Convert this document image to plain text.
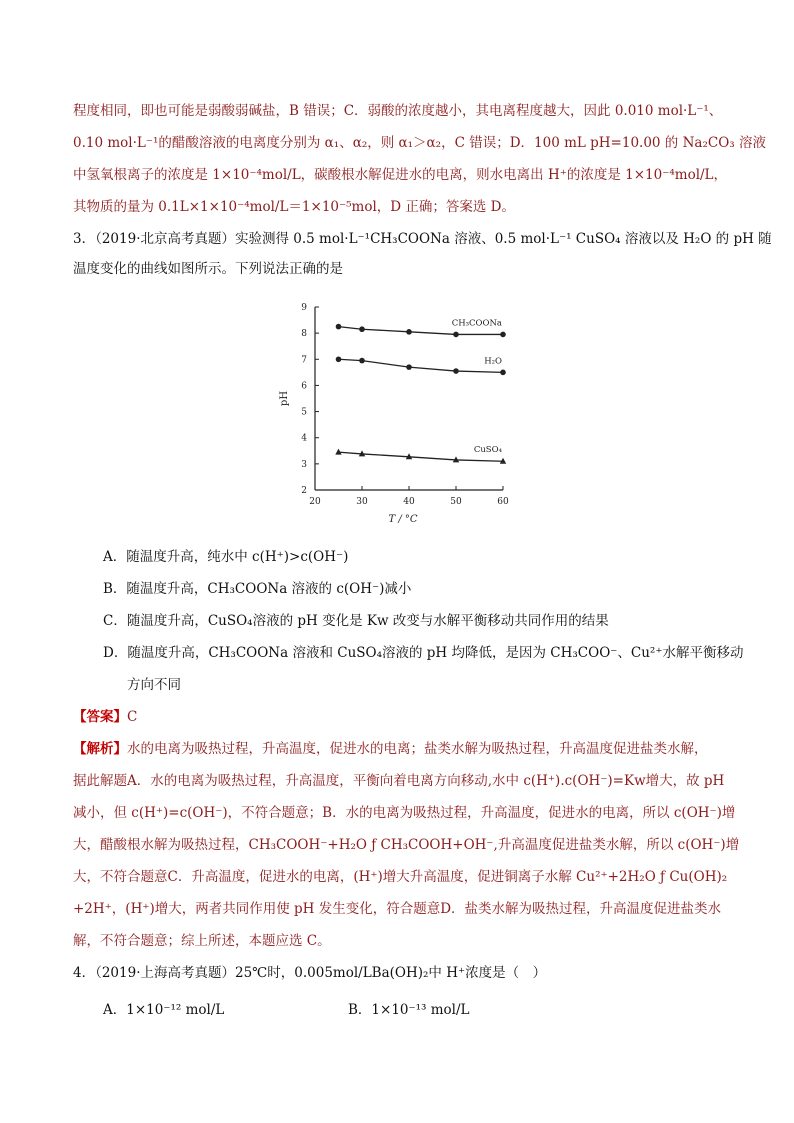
程度相同，即也可能是弱酸弱碱盐，B 错误；C．弱酸的浓度越小，其电离程度越大，因此 0.010 mol·L⁻¹、
0.10 mol·L⁻¹的醋酸溶液的电离度分别为 α₁、α₂，则 α₁＞α₂，C 错误；D．100 mL pH=10.00 的 Na₂CO₃ 溶液
中氢氧根离子的浓度是 1×10⁻⁴mol/L，碳酸根水解促进水的电离，则水电离出 H⁺的浓度是 1×10⁻⁴mol/L，
其物质的量为 0.1L×1×10⁻⁴mol/L＝1×10⁻⁵mol，D 正确；答案选 D。
3．（2019·北京高考真题）实验测得 0.5 mol·L⁻¹CH₃COONa 溶液、0.5 mol·L⁻¹ CuSO₄ 溶液以及 H₂O 的 pH 随
温度变化的曲线如图所示。下列说法正确的是
20	30	40	50	60
2
3
4
5
6
7
8
9
T / °C
pH
CH₃COONa
H₂O
CuSO₄
A．随温度升高，纯水中 c(H⁺)>c(OH⁻)
B．随温度升高，CH₃COONa 溶液的 c(OH⁻)减小
C．随温度升高，CuSO₄溶液的 pH 变化是 Kw 改变与水解平衡移动共同作用的结果
D．随温度升高，CH₃COONa 溶液和 CuSO₄溶液的 pH 均降低，是因为 CH₃COO⁻、Cu²⁺水解平衡移动
方向不同
【答案】C
【解析】水的电离为吸热过程，升高温度，促进水的电离；盐类水解为吸热过程，升高温度促进盐类水解，
据此解题A．水的电离为吸热过程，升高温度，平衡向着电离方向移动,水中 c(H⁺).c(OH⁻)=Kw增大，故 pH
减小，但 c(H⁺)=c(OH⁻)，不符合题意；B．水的电离为吸热过程，升高温度，促进水的电离，所以 c(OH⁻)增
大，醋酸根水解为吸热过程，CH₃COOH⁻+H₂O ƒ CH₃COOH+OH⁻,升高温度促进盐类水解，所以 c(OH⁻)增
大，不符合题意C．升高温度，促进水的电离，(H⁺)增大升高温度，促进铜离子水解 Cu²⁺+2H₂O ƒ Cu(OH)₂
+2H⁺，(H⁺)增大，两者共同作用使 pH 发生变化，符合题意D．盐类水解为吸热过程，升高温度促进盐类水
解，不符合题意；综上所述，本题应选 C。
4．（2019·上海高考真题）25℃时，0.005mol/LBa(OH)₂中 H⁺浓度是（　）
A．1×10⁻¹² mol/L	B．1×10⁻¹³ mol/L
